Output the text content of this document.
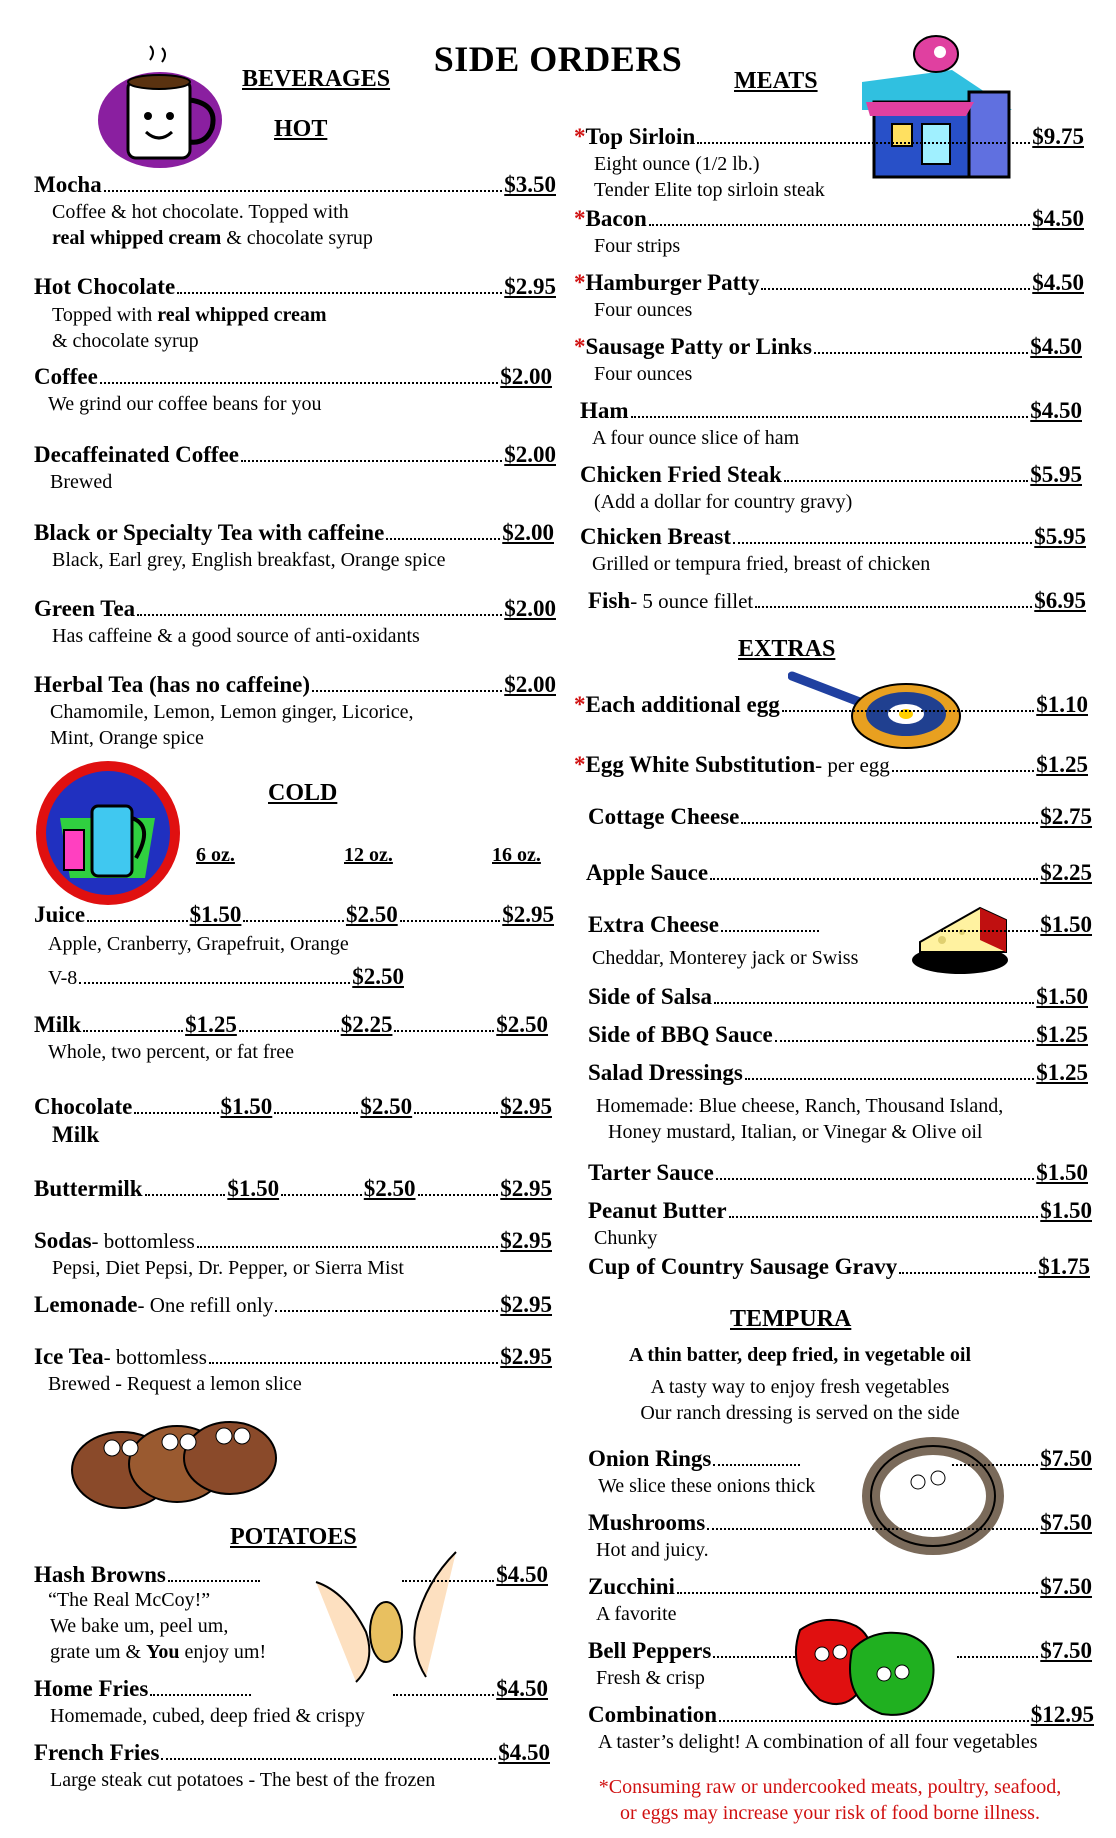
SIDE ORDERS
BEVERAGES
HOT
Mocha	$3.50
Coffee & hot chocolate. Topped with
real whipped cream & chocolate syrup
Hot Chocolate	$2.95
Topped with real whipped cream
& chocolate syrup
Coffee	$2.00
We grind our coffee beans for you
Decaffeinated Coffee	$2.00
Brewed
Black or Specialty Tea with caffeine	$2.00
Black, Earl grey, English breakfast, Orange spice
Green Tea	$2.00
Has caffeine & a good source of anti-oxidants
Herbal Tea (has no caffeine)	$2.00
Chamomile, Lemon, Lemon ginger, Licorice,
Mint, Orange spice
COLD
6 oz.	12 oz.	16 oz.
Juice	$1.50	$2.50	$2.95
Apple, Cranberry, Grapefruit, Orange
V-8	$2.50
Milk	$1.25	$2.25	$2.50
Whole, two percent, or fat free
Chocolate	$1.50	$2.50	$2.95
Milk
Buttermilk	$1.50	$2.50	$2.95
Sodas - bottomless	$2.95
Pepsi, Diet Pepsi, Dr. Pepper, or Sierra Mist
Lemonade - One refill only	$2.95
Ice Tea - bottomless	$2.95
Brewed - Request a lemon slice
POTATOES
Hash Browns	$4.50
“The Real McCoy!”
We bake um, peel um,
grate um & You enjoy um!
Home Fries	$4.50
Homemade, cubed, deep fried & crispy
French Fries	$4.50
Large steak cut potatoes - The best of the frozen
MEATS
*Top Sirloin	$9.75
Eight ounce (1/2 lb.)
Tender Elite top sirloin steak
*Bacon	$4.50
Four strips
*Hamburger Patty	$4.50
Four ounces
*Sausage Patty or Links	$4.50
Four ounces
Ham	$4.50
A four ounce slice of ham
Chicken Fried Steak	$5.95
(Add a dollar for country gravy)
Chicken Breast	$5.95
Grilled or tempura fried, breast of chicken
Fish - 5 ounce fillet	$6.95
EXTRAS
*Each additional egg	$1.10
*Egg White Substitution - per egg	$1.25
Cottage Cheese	$2.75
Apple Sauce	$2.25
Extra Cheese	$1.50
Cheddar, Monterey jack or Swiss
Side of Salsa	$1.50
Side of BBQ Sauce	$1.25
Salad Dressings	$1.25
Homemade: Blue cheese, Ranch, Thousand Island,
Honey mustard, Italian, or Vinegar & Olive oil
Tarter Sauce	$1.50
Peanut Butter	$1.50
Chunky
Cup of Country Sausage Gravy	$1.75
TEMPURA
A thin batter, deep fried, in vegetable oil
A tasty way to enjoy fresh vegetables
Our ranch dressing is served on the side
Onion Rings	$7.50
We slice these onions thick
Mushrooms	$7.50
Hot and juicy.
Zucchini	$7.50
A favorite
Bell Peppers	$7.50
Fresh & crisp
Combination	$12.95
A taster’s delight! A combination of all four vegetables
*Consuming raw or undercooked meats, poultry, seafood,
or eggs may increase your risk of food borne illness.
